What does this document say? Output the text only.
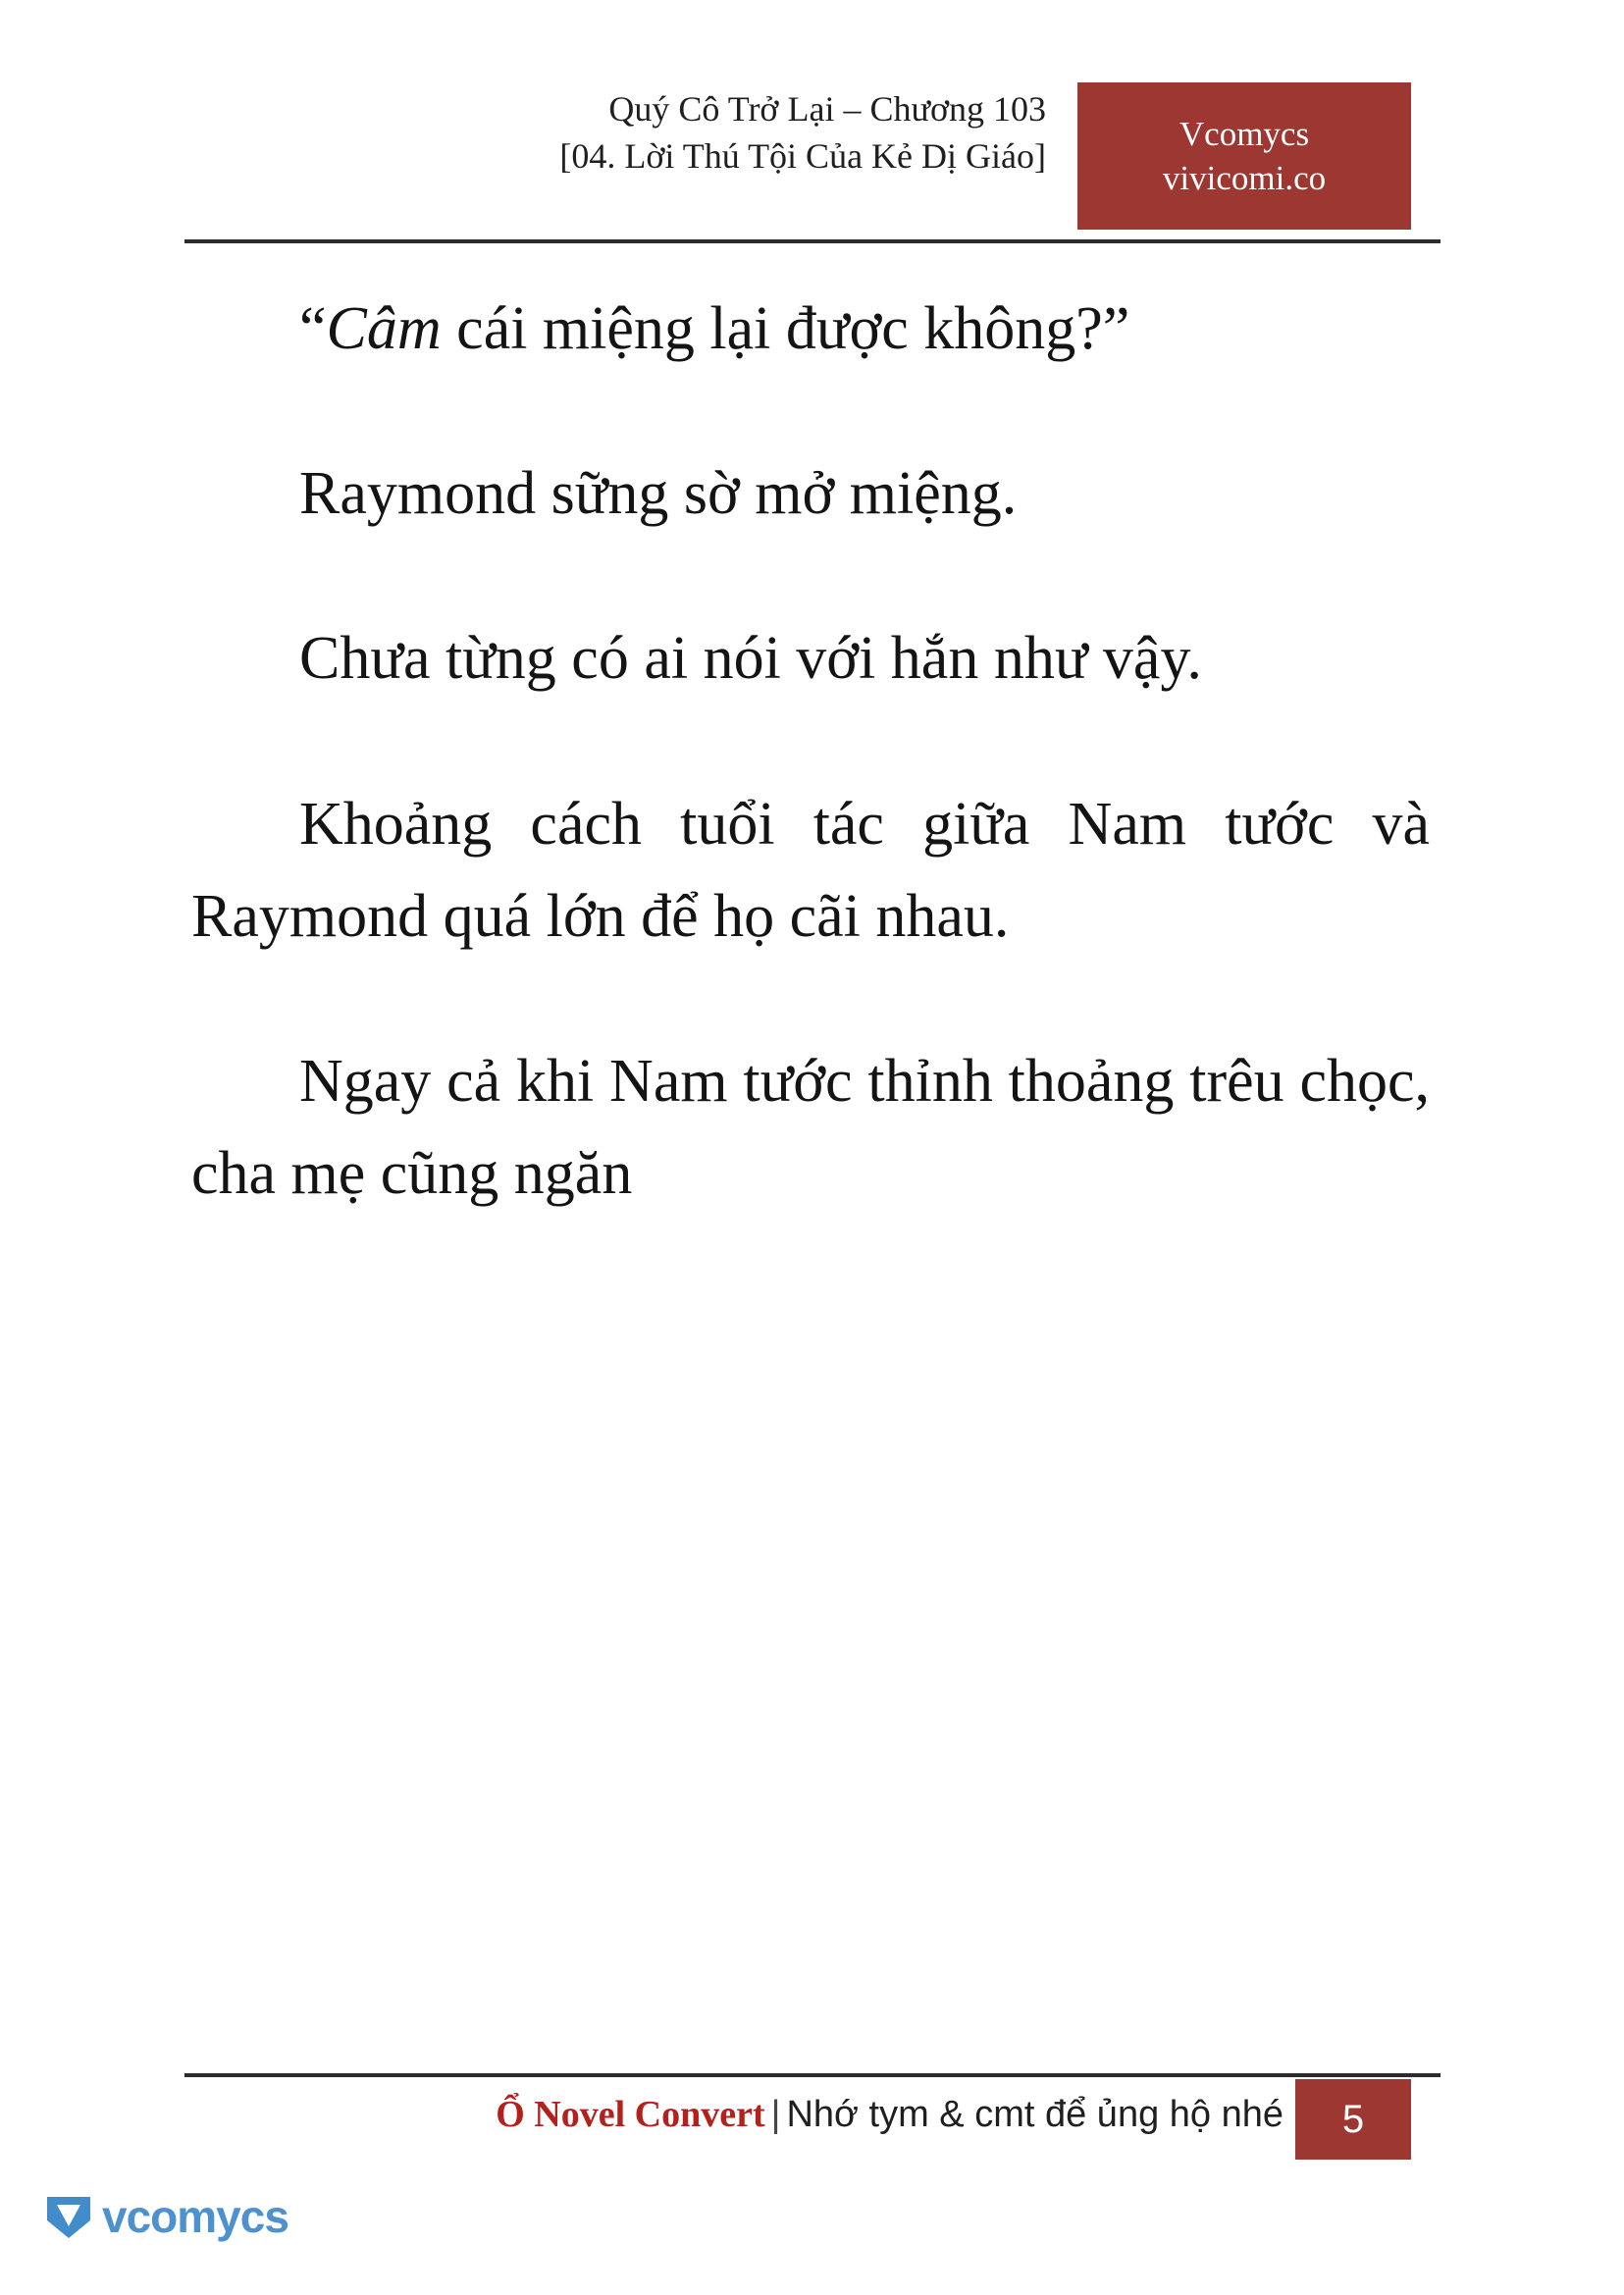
Quý Cô Trở Lại – Chương 103
[04. Lời Thú Tội Của Kẻ Dị Giáo]
Vcomycs
vivicomi.co

“Câm cái miệng lại được không?”

Raymond sững sờ mở miệng.

Chưa từng có ai nói với hắn như vậy.

Khoảng cách tuổi tác giữa Nam tước và Raymond quá lớn để họ cãi nhau.

Ngay cả khi Nam tước thỉnh thoảng trêu chọc, cha mẹ cũng ngăn

Ổ Novel Convert | Nhớ tym & cmt để ủng hộ nhé 5
vcomycs
